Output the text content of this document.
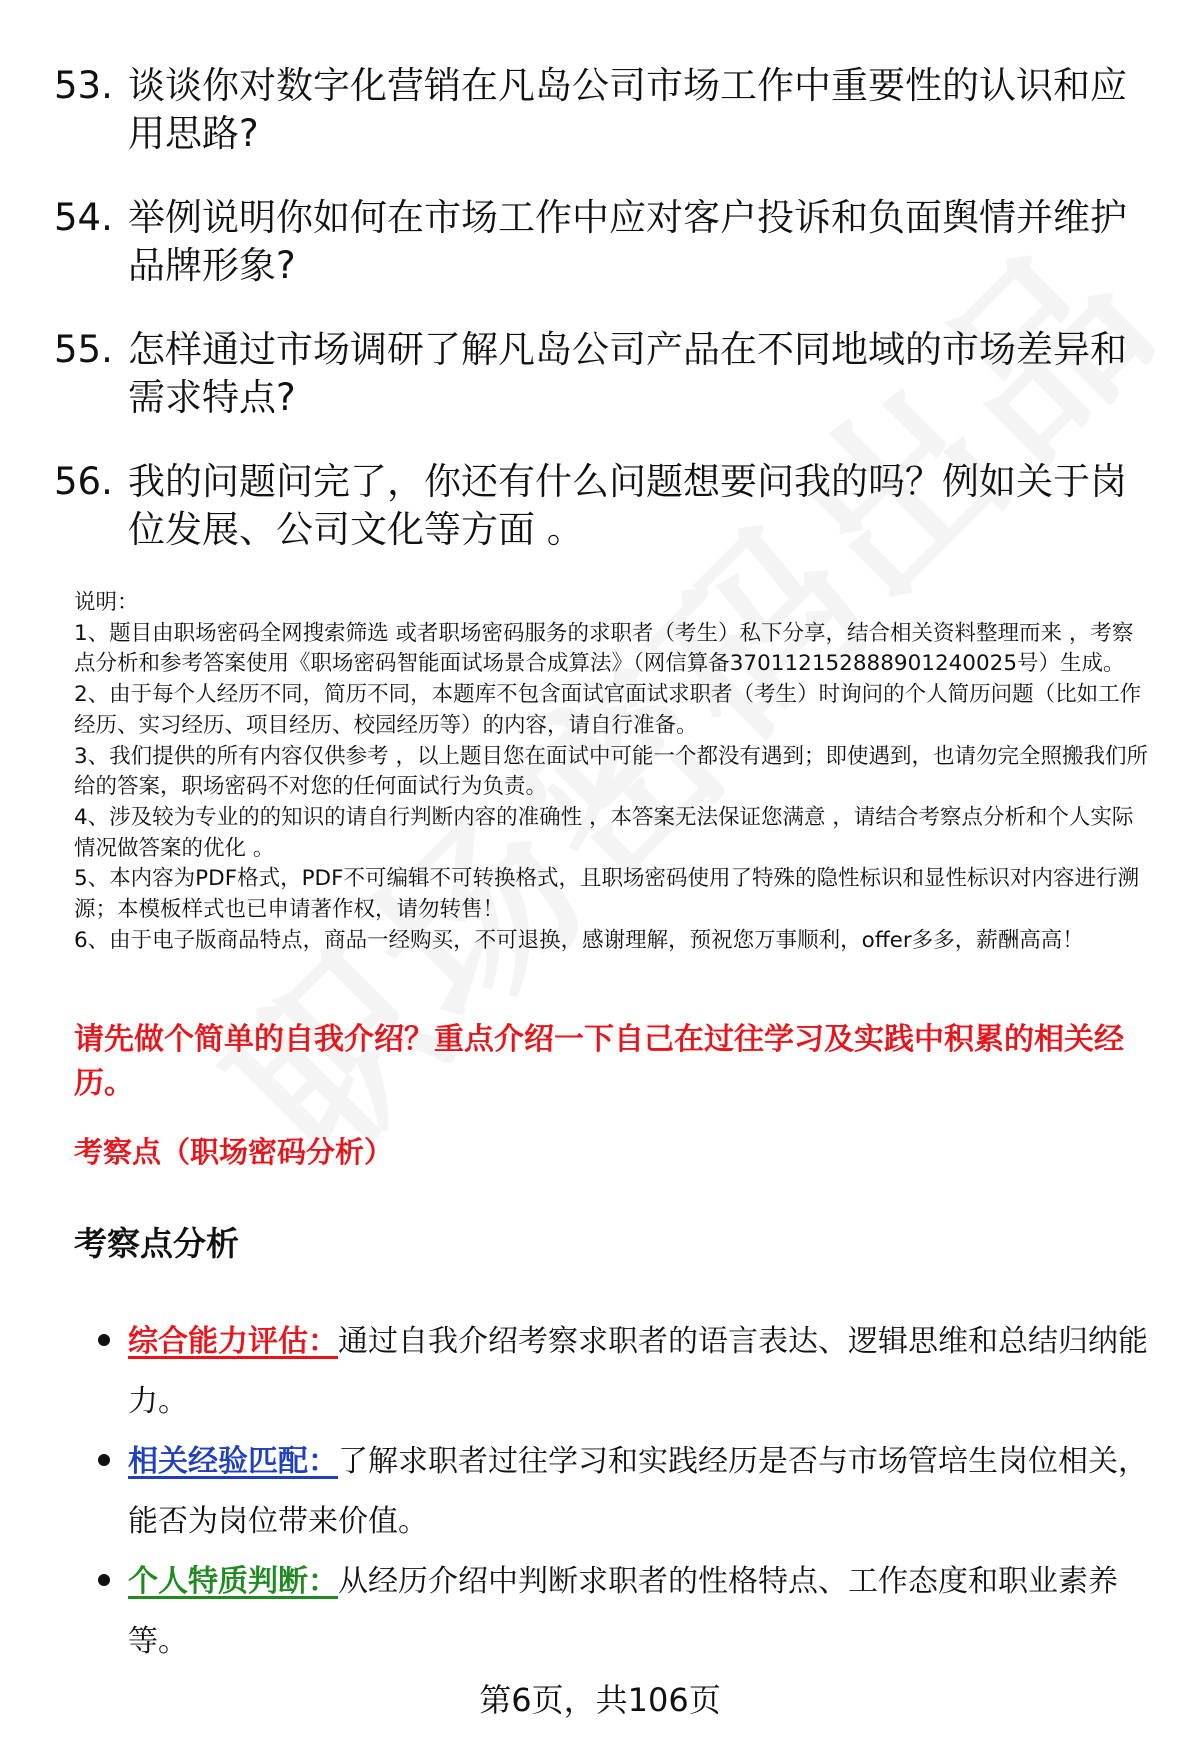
53. 谈谈你对数字化营销在凡岛公司市场工作中重要性的认识和应用思路?
54. 举例说明你如何在市场工作中应对客户投诉和负面舆情并维护品牌形象?
55. 怎样通过市场调研了解凡岛公司产品在不同地域的市场差异和需求特点?
56. 我的问题问完了，你还有什么问题想要问我的吗？例如关于岗位发展、公司文化等方面 。

说明：

1、题目由职场密码全网搜索筛选 或者职场密码服务的求职者（考生）私下分享，结合相关资料整理而来 ，考察点分析和参考答案使用《职场密码智能面试场景合成算法》（网信算备370112152888901240025号）生成。

2、由于每个人经历不同，简历不同，本题库不包含面试官面试求职者（考生）时询问的个人简历问题（比如工作经历、实习经历、项目经历、校园经历等）的内容，请自行准备。

3、我们提供的所有内容仅供参考 ，以上题目您在面试中可能一个都没有遇到；即使遇到，也请勿完全照搬我们所给的答案，职场密码不对您的任何面试行为负责。

4、涉及较为专业的的知识的请自行判断内容的准确性 ，本答案无法保证您满意 ，请结合考察点分析和个人实际情况做答案的优化 。

5、本内容为PDF格式，PDF不可编辑不可转换格式，且职场密码使用了特殊的隐性标识和显性标识对内容进行溯源；本模板样式也已申请著作权，请勿转售！

6、由于电子版商品特点，商品一经购买，不可退换，感谢理解，预祝您万事顺利，offer多多，薪酬高高！

请先做个简单的自我介绍？重点介绍一下自己在过往学习及实践中积累的相关经历。
考察点（职场密码分析）
考察点分析
综合能力评估：通过自我介绍考察求职者的语言表达、逻辑思维和总结归纳能力。
相关经验匹配：了解求职者过往学习和实践经历是否与市场管培生岗位相关，能否为岗位带来价值。
个人特质判断：从经历介绍中判断求职者的性格特点、工作态度和职业素养等。
第6页，共106页
